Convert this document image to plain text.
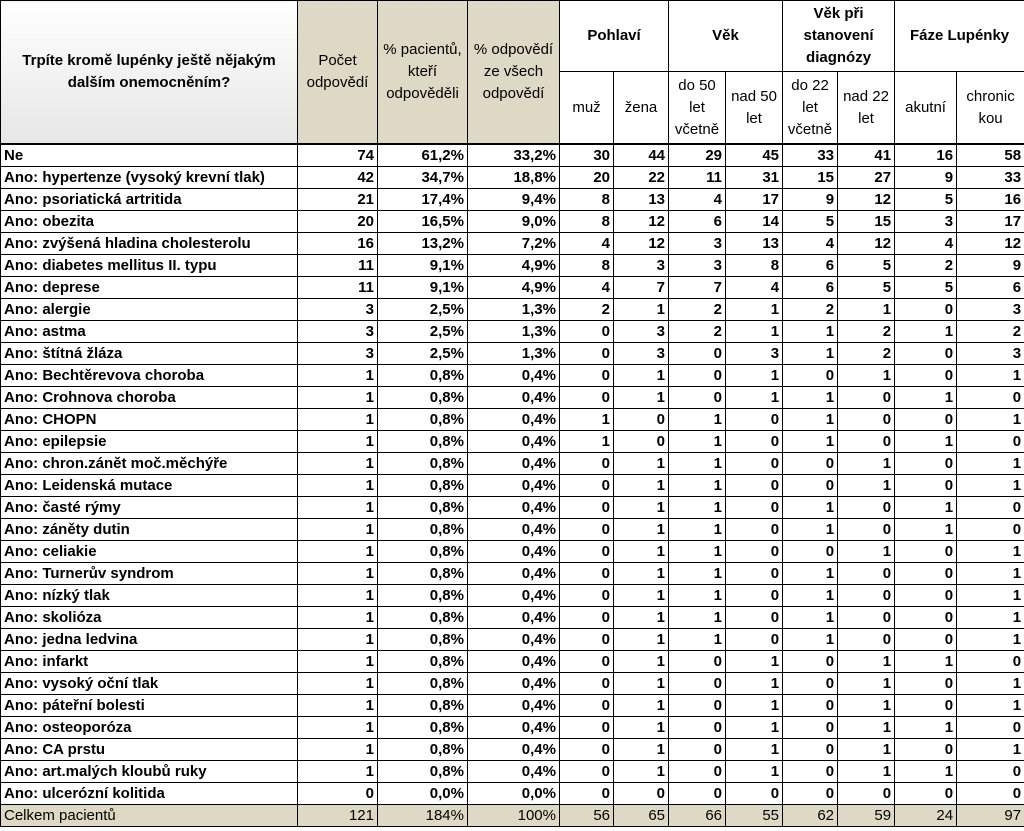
Trpíte kromě lupénky ještě nějakým dalším onemocněním?	Počet odpovědí	% pacientů, kteří odpověděli	% odpovědí ze všech odpovědí	Pohlaví		Věk		Věk při stanovení diagnózy		Fáze Lupénky	
				muž	žena	do 50 let včetně	nad 50 let	do 22 let včetně	nad 22 let	akutní	chronic kou
Ne	74	61,2%	33,2%	30	44	29	45	33	41	16	58
Ano: hypertenze (vysoký krevní tlak)	42	34,7%	18,8%	20	22	11	31	15	27	9	33
Ano: psoriatická artritida	21	17,4%	9,4%	8	13	4	17	9	12	5	16
Ano: obezita	20	16,5%	9,0%	8	12	6	14	5	15	3	17
Ano: zvýšená hladina cholesterolu	16	13,2%	7,2%	4	12	3	13	4	12	4	12
Ano: diabetes mellitus II. typu	11	9,1%	4,9%	8	3	3	8	6	5	2	9
Ano: deprese	11	9,1%	4,9%	4	7	7	4	6	5	5	6
Ano: alergie	3	2,5%	1,3%	2	1	2	1	2	1	0	3
Ano: astma	3	2,5%	1,3%	0	3	2	1	1	2	1	2
Ano: štítná žláza	3	2,5%	1,3%	0	3	0	3	1	2	0	3
Ano: Bechtěrevova choroba	1	0,8%	0,4%	0	1	0	1	0	1	0	1
Ano: Crohnova choroba	1	0,8%	0,4%	0	1	0	1	1	0	1	0
Ano: CHOPN	1	0,8%	0,4%	1	0	1	0	1	0	0	1
Ano: epilepsie	1	0,8%	0,4%	1	0	1	0	1	0	1	0
Ano: chron.zánět moč.měchýře	1	0,8%	0,4%	0	1	1	0	0	1	0	1
Ano: Leidenská mutace	1	0,8%	0,4%	0	1	1	0	0	1	0	1
Ano: časté rýmy	1	0,8%	0,4%	0	1	1	0	1	0	1	0
Ano: záněty dutin	1	0,8%	0,4%	0	1	1	0	1	0	1	0
Ano: celiakie	1	0,8%	0,4%	0	1	1	0	0	1	0	1
Ano: Turnerův syndrom	1	0,8%	0,4%	0	1	1	0	1	0	0	1
Ano: nízký tlak	1	0,8%	0,4%	0	1	1	0	1	0	0	1
Ano: skolióza	1	0,8%	0,4%	0	1	1	0	1	0	0	1
Ano: jedna ledvina	1	0,8%	0,4%	0	1	1	0	1	0	0	1
Ano: infarkt	1	0,8%	0,4%	0	1	0	1	0	1	1	0
Ano: vysoký oční tlak	1	0,8%	0,4%	0	1	0	1	0	1	0	1
Ano: páteřní bolesti	1	0,8%	0,4%	0	1	0	1	0	1	0	1
Ano: osteoporóza	1	0,8%	0,4%	0	1	0	1	0	1	1	0
Ano: CA prstu	1	0,8%	0,4%	0	1	0	1	0	1	0	1
Ano: art.malých kloubů ruky	1	0,8%	0,4%	0	1	0	1	0	1	1	0
Ano: ulcerózní kolitida	0	0,0%	0,0%	0	0	0	0	0	0	0	0
Celkem pacientů	121	184%	100%	56	65	66	55	62	59	24	97
